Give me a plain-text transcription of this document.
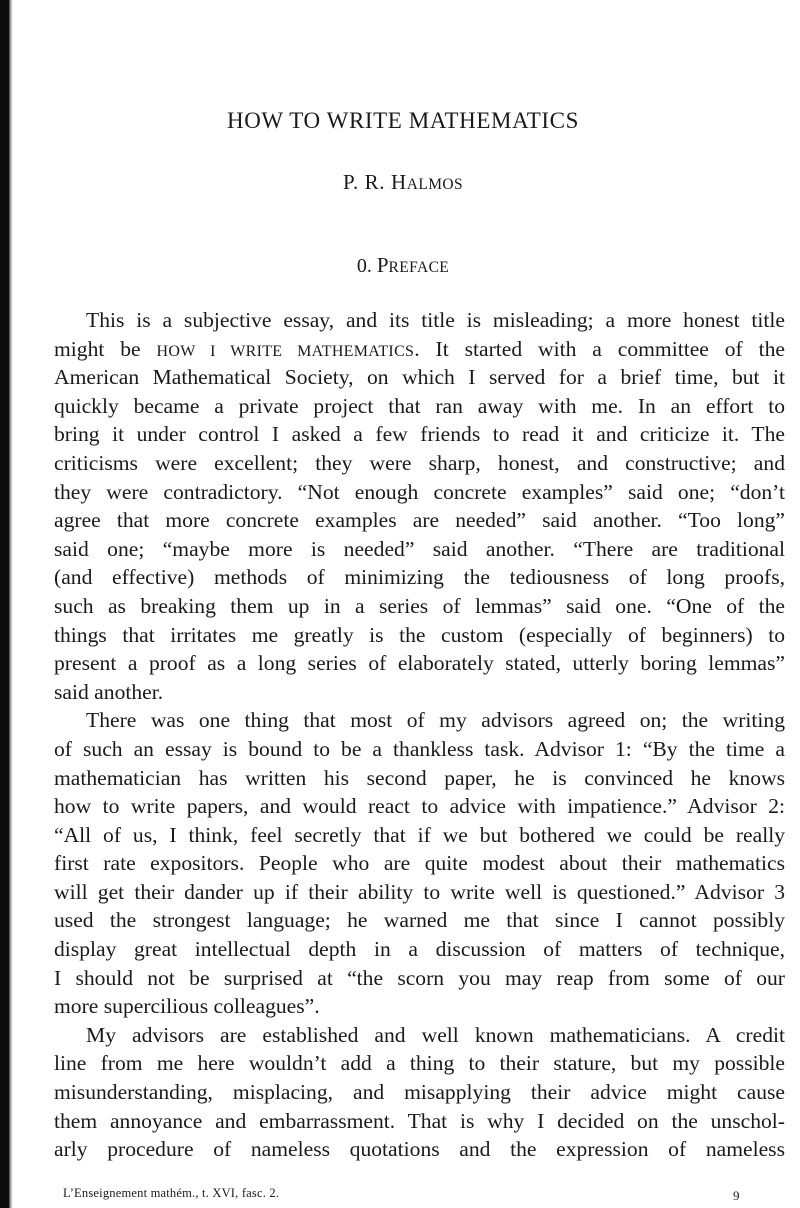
HOW TO WRITE MATHEMATICS
P. R. HALMOS
0. PREFACE
This is a subjective essay, and its title is misleading; a more honest title
might be HOW I WRITE MATHEMATICS. It started with a committee of the
American Mathematical Society, on which I served for a brief time, but it
quickly became a private project that ran away with me. In an effort to
bring it under control I asked a few friends to read it and criticize it. The
criticisms were excellent; they were sharp, honest, and constructive; and
they were contradictory. “Not enough concrete examples” said one; “don’t
agree that more concrete examples are needed” said another. “Too long”
said one; “maybe more is needed” said another. “There are traditional
(and effective) methods of minimizing the tediousness of long proofs,
such as breaking them up in a series of lemmas” said one. “One of the
things that irritates me greatly is the custom (especially of beginners) to
present a proof as a long series of elaborately stated, utterly boring lemmas”
said another.
There was one thing that most of my advisors agreed on; the writing
of such an essay is bound to be a thankless task. Advisor 1: “By the time a
mathematician has written his second paper, he is convinced he knows
how to write papers, and would react to advice with impatience.” Advisor 2:
“All of us, I think, feel secretly that if we but bothered we could be really
first rate expositors. People who are quite modest about their mathematics
will get their dander up if their ability to write well is questioned.” Advisor 3
used the strongest language; he warned me that since I cannot possibly
display great intellectual depth in a discussion of matters of technique,
I should not be surprised at “the scorn you may reap from some of our
more supercilious colleagues”.
My advisors are established and well known mathematicians. A credit
line from me here wouldn’t add a thing to their stature, but my possible
misunderstanding, misplacing, and misapplying their advice might cause
them annoyance and embarrassment. That is why I decided on the unschol-
arly procedure of nameless quotations and the expression of nameless
L’Enseignement mathém., t. XVI, fasc. 2.	9
